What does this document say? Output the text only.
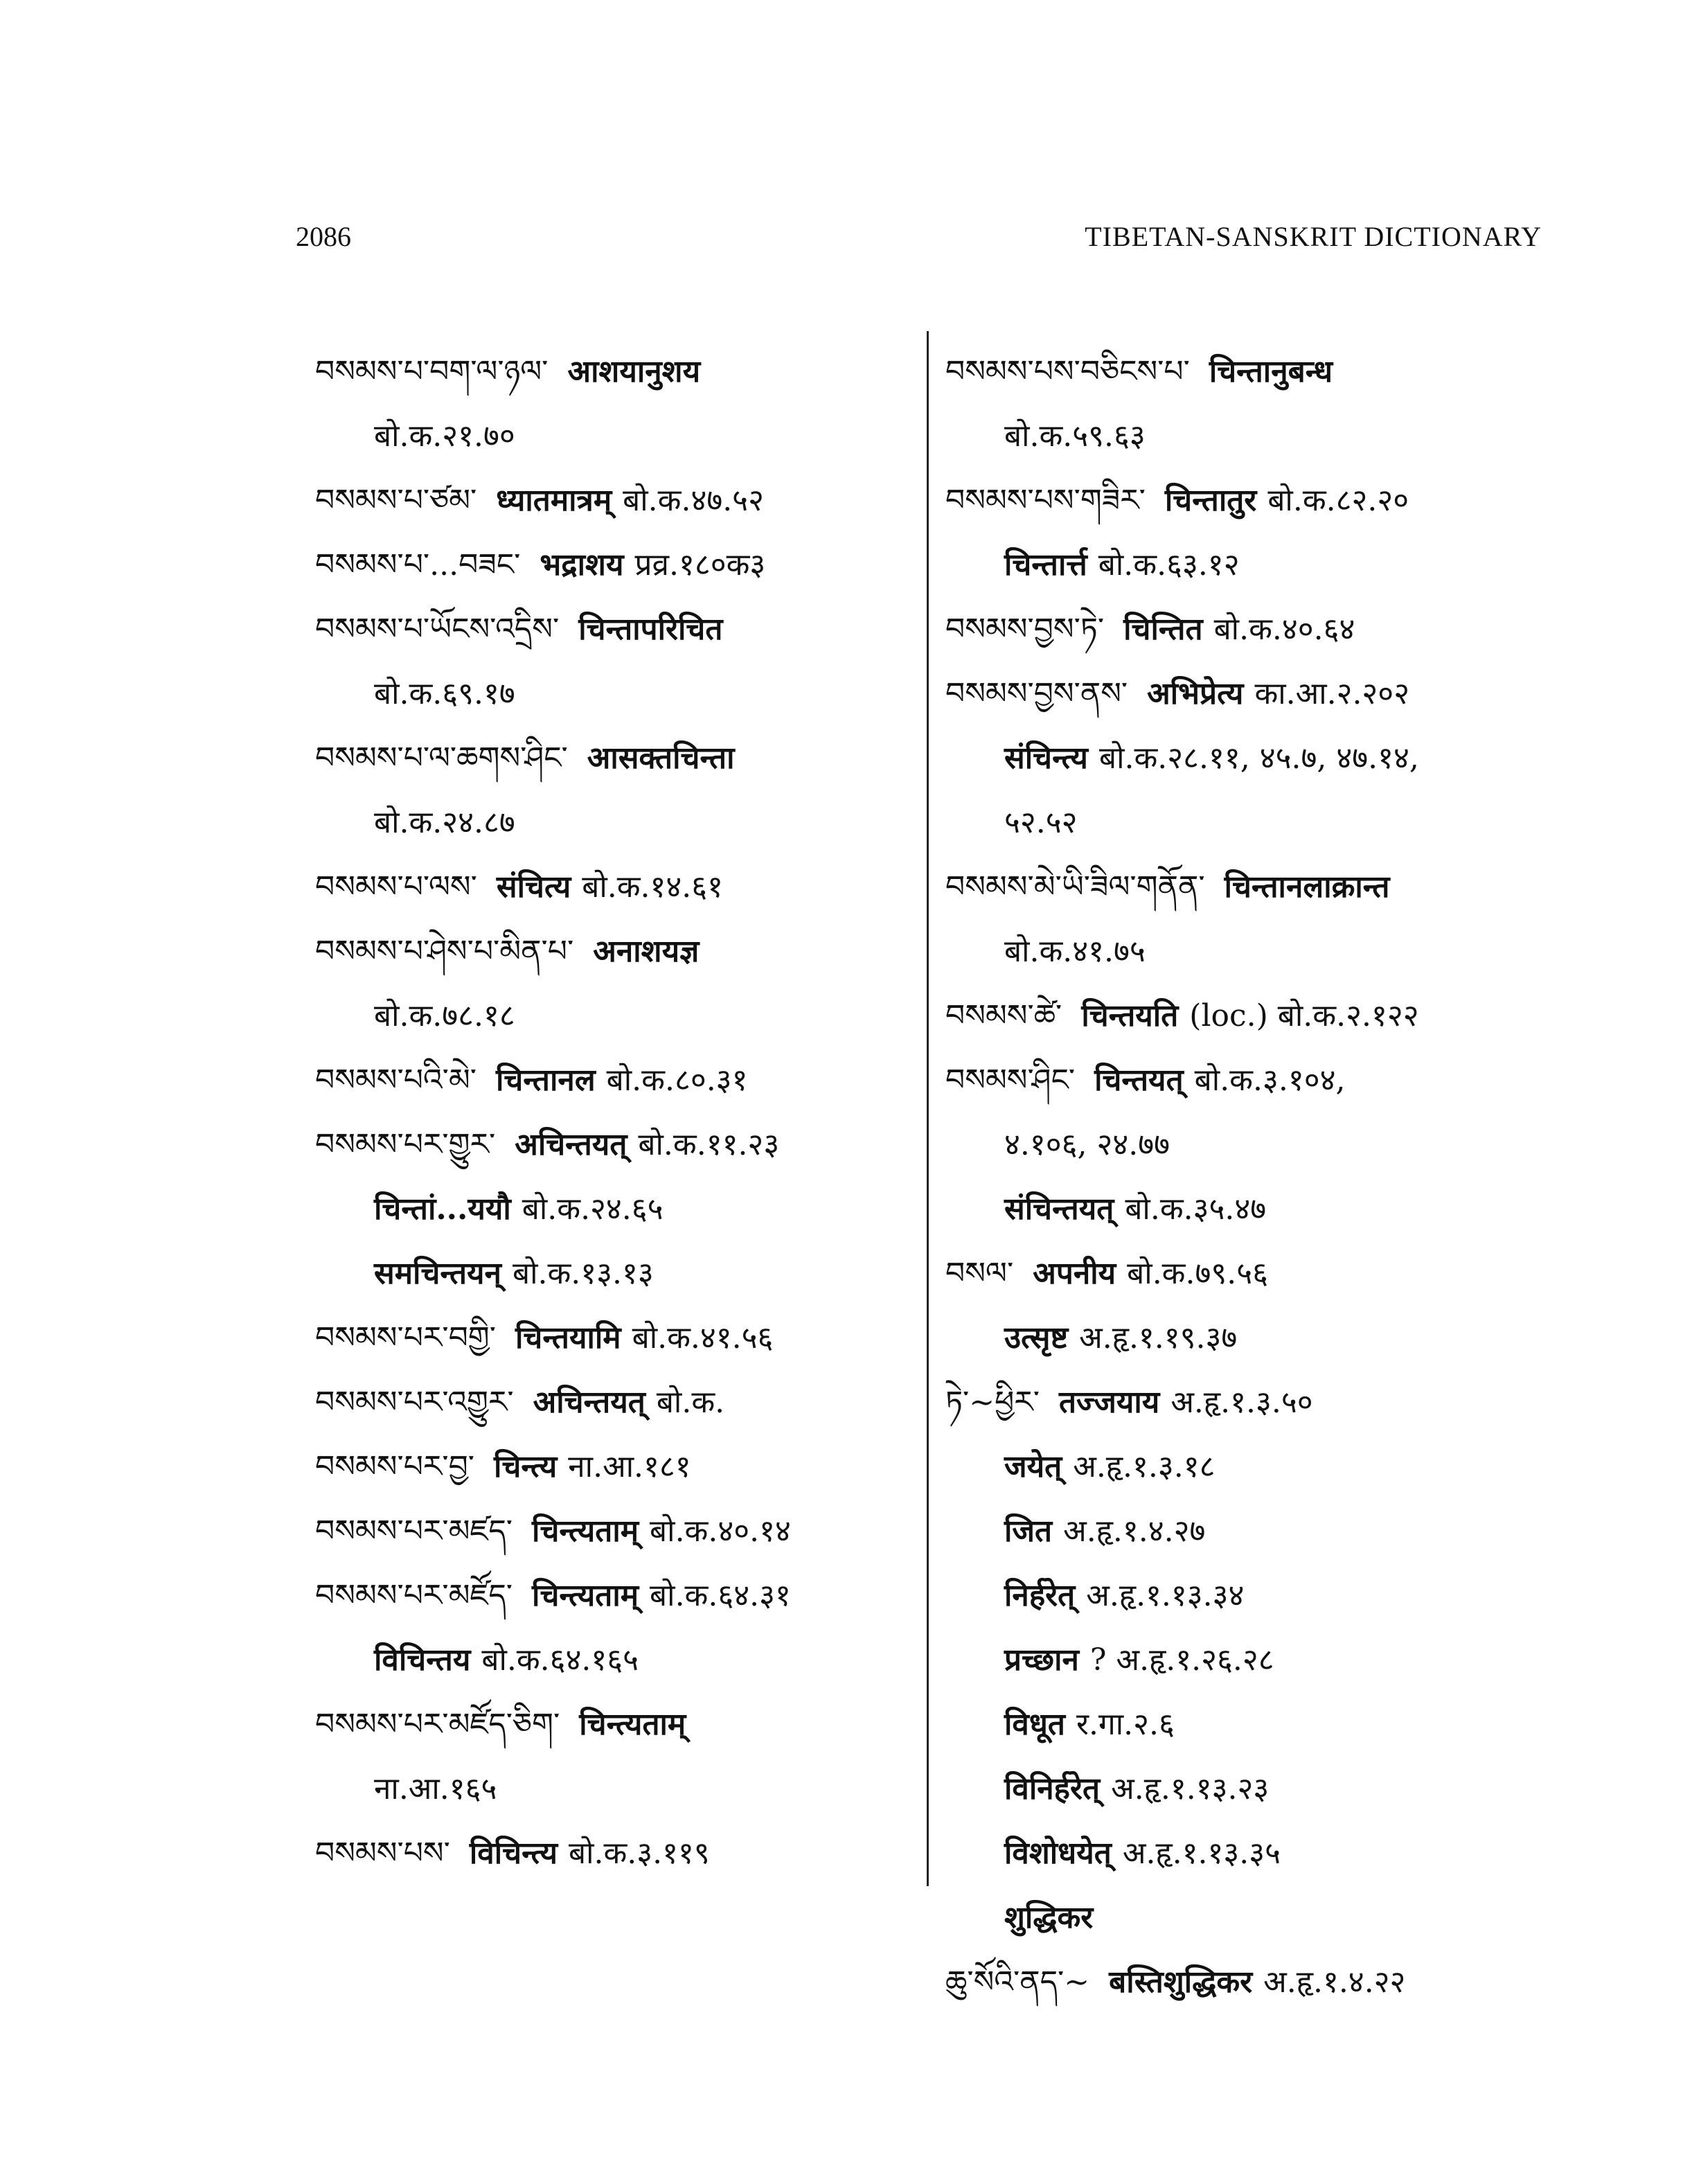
2086	TIBETAN-SANSKRIT DICTIONARY
བསམས་པ་བག་ལ་ཉལ་ आशयानुशय
बो.क.२१.७०
བསམས་པ་ཙམ་ ध्यातमात्रम् बो.क.४७.५२
བསམས་པ་...བཟང་ भद्राशय प्रव्र.१८०क३
བསམས་པ་ཡོངས་འདྲིས་ चिन्तापरिचित
बो.क.६९.१७
བསམས་པ་ལ་ཆགས་ཤིང་ आसक्तचिन्ता
बो.क.२४.८७
བསམས་པ་ལས་ संचित्य बो.क.१४.६१
བསམས་པ་ཤེས་པ་མིན་པ་ अनाशयज्ञ
बो.क.७८.१८
བསམས་པའི་མེ་ चिन्तानल बो.क.८०.३१
བསམས་པར་གྱུར་ अचिन्तयत् बो.क.११.२३
चिन्तां...ययौ बो.क.२४.६५
समचिन्तयन् बो.क.१३.१३
བསམས་པར་བགྱི་ चिन्तयामि बो.क.४१.५६
བསམས་པར་འགྱུར་ अचिन्तयत् बो.क.
བསམས་པར་བྱ་ चिन्त्य ना.आ.१८१
བསམས་པར་མཛད་ चिन्त्यताम् बो.क.४०.१४
བསམས་པར་མཛོད་ चिन्त्यताम् बो.क.६४.३१
विचिन्तय बो.क.६४.१६५
བསམས་པར་མཛོད་ཅིག་ चिन्त्यताम्
ना.आ.१६५
བསམས་པས་ विचिन्त्य बो.क.३.११९
བསམས་པས་བཅིངས་པ་ चिन्तानुबन्ध
बो.क.५९.६३
བསམས་པས་གཟིར་ चिन्तातुर बो.क.८२.२०
चिन्तार्त्त बो.क.६३.१२
བསམས་བྱས་ཏེ་ चिन्तित बो.क.४०.६४
བསམས་བྱས་ནས་ अभिप्रेत्य का.आ.२.२०२
संचिन्त्य बो.क.२८.११, ४५.७, ४७.१४,
५२.५२
བསམས་མེ་ཡི་ཟིལ་གནོན་ चिन्तानलाक्रान्त
बो.क.४१.७५
བསམས་ཚེ་ चिन्तयति (loc.) बो.क.२.१२२
བསམས་ཤིང་ चिन्तयत् बो.क.३.१०४,
४.१०६, २४.७७
संचिन्तयत् बो.क.३५.४७
བསལ་ अपनीय बो.क.७९.५६
उत्सृष्ट अ.हृ.१.१९.३७
ཏེ་~ཕྱིར་ तज्जयाय अ.हृ.१.३.५०
जयेत् अ.हृ.१.३.१८
जित अ.हृ.१.४.२७
निर्हरेत् अ.हृ.१.१३.३४
प्रच्छान ? अ.हृ.१.२६.२८
विधूत र.गा.२.६
विनिर्हरेत् अ.हृ.१.१३.२३
विशोधयेत् अ.हृ.१.१३.३५
शुद्धिकर
ཆུ་སོའི་ནད་~ बस्तिशुद्धिकर अ.हृ.१.४.२२
